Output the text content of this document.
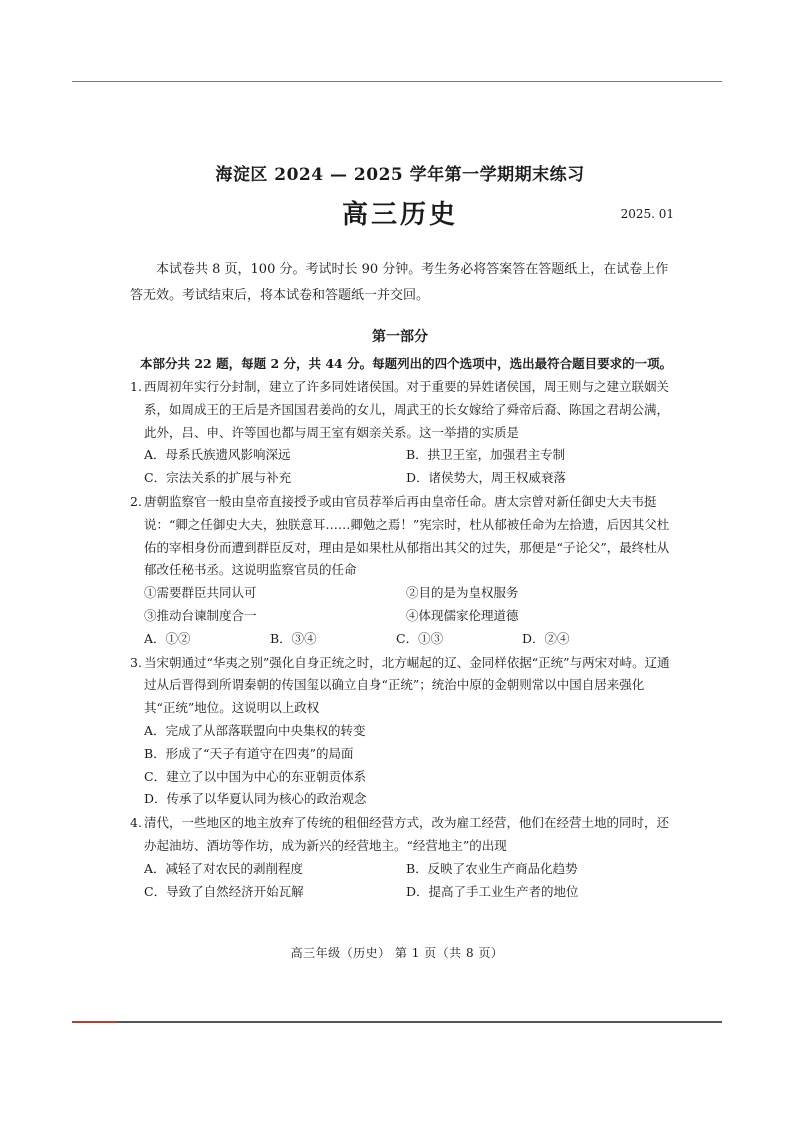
海淀区 2024 — 2025 学年第一学期期末练习
高三历史	2025. 01
本试卷共 8 页，100 分。考试时长 90 分钟。考生务必将答案答在答题纸上，在试卷上作答无效。考试结束后，将本试卷和答题纸一并交回。
第一部分
本部分共 22 题，每题 2 分，共 44 分。每题列出的四个选项中，选出最符合题目要求的一项。
1. 西周初年实行分封制，建立了许多同姓诸侯国。对于重要的异姓诸侯国，周王则与之建立联姻关系，如周成王的王后是齐国国君姜尚的女儿，周武王的长女嫁给了舜帝后裔、陈国之君胡公满，此外，吕、申、许等国也都与周王室有姻亲关系。这一举措的实质是
A．母系氏族遗风影响深远	B．拱卫王室，加强君主专制
C．宗法关系的扩展与补充	D．诸侯势大，周王权威衰落
2. 唐朝监察官一般由皇帝直接授予或由官员荐举后再由皇帝任命。唐太宗曾对新任御史大夫韦挺说：“卿之任御史大夫，独朕意耳……卿勉之焉！”宪宗时，杜从郁被任命为左拾遗，后因其父杜佑的宰相身份而遭到群臣反对，理由是如果杜从郁指出其父的过失，那便是“子论父”，最终杜从郁改任秘书丞。这说明监察官员的任命
①需要群臣共同认可	②目的是为皇权服务
③推动台谏制度合一	④体现儒家伦理道德
A．①②	B．③④	C．①③	D．②④
3. 当宋朝通过“华夷之别”强化自身正统之时，北方崛起的辽、金同样依据“正统”与两宋对峙。辽通过从后晋得到所谓秦朝的传国玺以确立自身“正统”；统治中原的金朝则常以中国自居来强化其“正统”地位。这说明以上政权
A．完成了从部落联盟向中央集权的转变
B．形成了“天子有道守在四夷”的局面
C．建立了以中国为中心的东亚朝贡体系
D．传承了以华夏认同为核心的政治观念
4. 清代，一些地区的地主放弃了传统的租佃经营方式，改为雇工经营，他们在经营土地的同时，还办起油坊、酒坊等作坊，成为新兴的经营地主。“经营地主”的出现
A．减轻了对农民的剥削程度	B．反映了农业生产商品化趋势
C．导致了自然经济开始瓦解	D．提高了手工业生产者的地位
高三年级（历史） 第 1 页（共 8 页）
